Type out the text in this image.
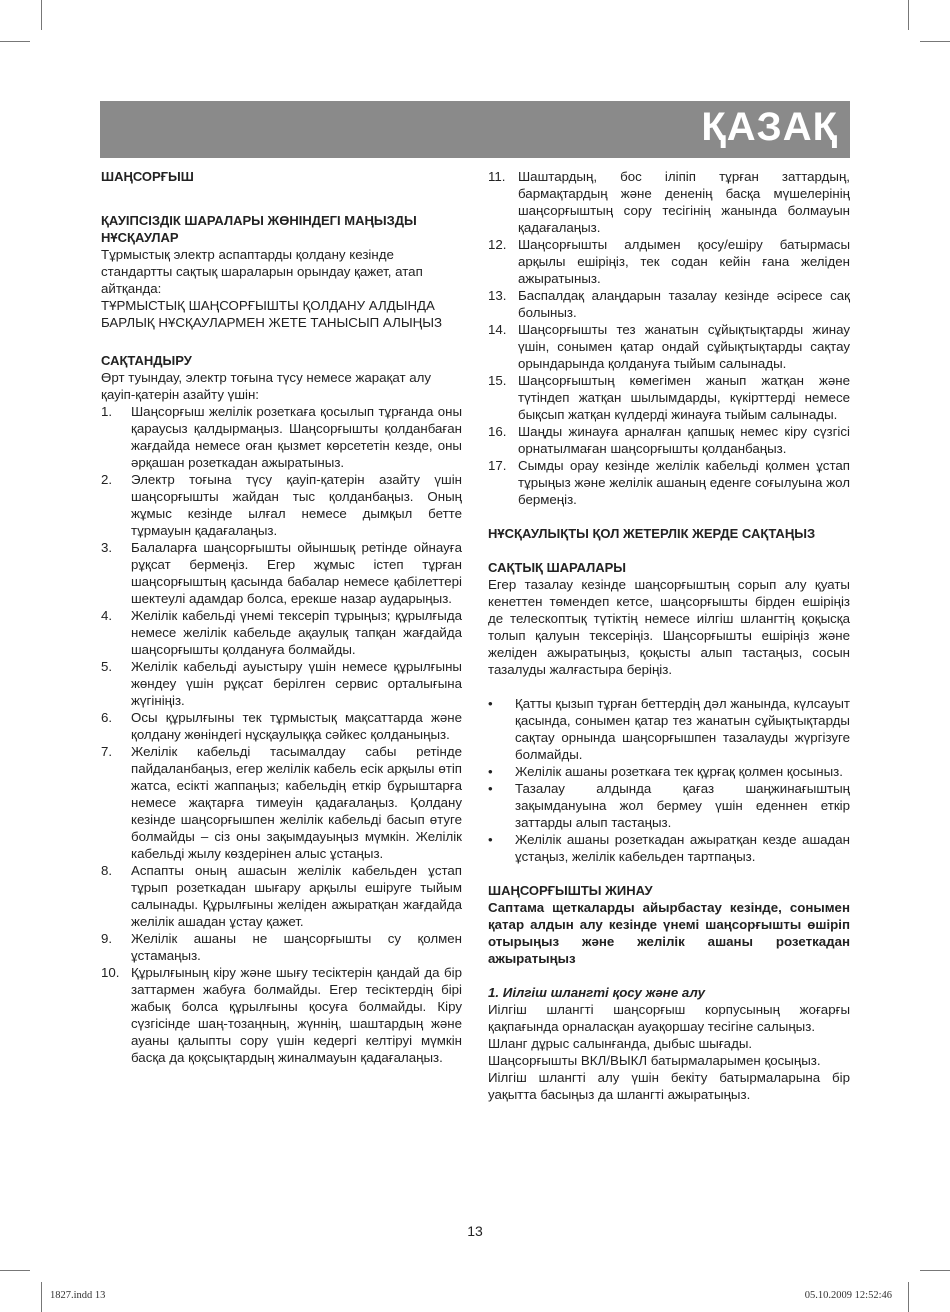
ҚАЗАҚ
ШАҢСОРҒЫШ
ҚАУІПСІЗДІК ШАРАЛАРЫ ЖӨНІНДЕГІ МАҢЫЗДЫ НҰСҚАУЛАР

Тұрмыстық электр аспаптарды қолдану кезінде стандартты сақтық шараларын орындау қажет, атап айтқанда:

ТҰРМЫСТЫҚ ШАҢСОРҒЫШТЫ ҚОЛДАНУ АЛДЫНДА БАРЛЫҚ НҰСҚАУЛАРМЕН ЖЕТЕ ТАНЫСЫП АЛЫҢЫЗ

САҚТАНДЫРУ

Өрт туындау, электр тоғына түсу немесе жарақат алу қауіп-қатерін азайту үшін:

1.	Шаңсорғыш желілік розеткаға қосылып тұрғанда оны қараусыз қалдырмаңыз. Шаңсорғышты қолданбаған жағдайда немесе оған қызмет көрсететін кезде, оны әрқашан розеткадан ажыратыныз.
2.	Электр тоғына түсу қауіп-қатерін азайту үшін шаңсорғышты жайдан тыс қолданбаңыз. Оның жұмыс кезінде ылғал немесе дымқыл бетте тұрмауын қадағалаңыз.
3.	Балаларға шаңсорғышты ойыншық ретінде ойнауға рұқсат бермеңіз. Егер жұмыс істеп тұрған шаңсорғыштың қасында бабалар немесе қабілеттері шектеулі адамдар болса, ерекше назар аударыңыз.
4.	Желілік кабельді үнемі тексеріп тұрыңыз; құрылғыда немесе желілік кабельде ақаулық тапқан жағдайда шаңсорғышты қолдануға болмайды.
5.	Желілік кабельді ауыстыру үшін немесе құрылғыны жөндеу үшін рұқсат берілген сервис орталығына жүгініңіз.
6.	Осы құрылғыны тек тұрмыстық мақсаттарда және қолдану жөніндегі нұсқаулыққа сәйкес қолданыңыз.
7.	Желілік кабельді тасымалдау сабы ретінде пайдаланбаңыз, егер желілік кабель есік арқылы өтіп жатса, есікті жаппаңыз; кабельдің еткір бұрыштарға немесе жақтарға тимеуін қадағалаңыз. Қолдану кезінде шаңсорғышпен желілік кабельді басып өтуге болмайды – сіз оны зақымдауыңыз мүмкін. Желілік кабельді жылу көздерінен алыс ұстаңыз.
8.	Аспапты оның ашасын желілік кабельден ұстап тұрып розеткадан шығару арқылы ешіруге тыйым салынады. Құрылғыны желіден ажыратқан жағдайда желілік ашадан ұстау қажет.
9.	Желілік ашаны не шаңсорғышты су қолмен ұстамаңыз.
10. Құрылғының кіру және шығу тесіктерін қандай да бір заттармен жабуға болмайды. Егер тесіктердің бірі жабық болса құрылғыны қосуға болмайды. Кіру сүзгісінде шаң-тозаңның, жүннің, шаштардың және ауаны қалыпты сору үшін кедергі келтіруі мүмкін басқа да қоқсықтардың жиналмауын қадағалаңыз.
11. Шаштардың, бос іліпіп тұрған заттардың, бармақтардың және дененің басқа мүшелерінің шаңсорғыштың сору тесігінің жанында болмауын қадағалаңыз.
12. Шаңсорғышты алдымен қосу/ешіру батырмасы арқылы ешіріңіз, тек содан кейін ғана желіден ажыратыныз.
13. Баспалдақ алаңдарын тазалау кезінде әсіресе сақ болыныз.
14. Шаңсорғышты тез жанатын сұйықтықтарды жинау үшін, сонымен қатар ондай сұйықтықтарды сақтау орындарында қолдануға тыйым салынады.
15. Шаңсорғыштың көмегімен жанып жатқан және түтіндеп жатқан шылымдарды, күкірттерді немесе бықсып жатқан күлдерді жинауға тыйым салынады.
16. Шаңды жинауға арналған қапшық немес кіру сүзгісі орнатылмаған шаңсорғышты қолданбаңыз.
17. Сымды орау кезінде желілік кабельді қолмен ұстап тұрыңыз және желілік ашаның еденге соғылуына жол бермеңіз.
НҰСҚАУЛЫҚТЫ ҚОЛ ЖЕТЕРЛІК ЖЕРДЕ САҚТАҢЫЗ
САҚТЫҚ ШАРАЛАРЫ

Егер тазалау кезінде шаңсорғыштың сорып алу қуаты кенеттен төмендеп кетсе, шаңсорғышты бірден ешіріңіз де телескоптық түтіктің немесе иілгіш шлангтің қоқысқа толып қалуын тексеріңіз. Шаңсорғышты ешіріңіз және желіден ажыратыңыз, қоқысты алып тастаңыз, сосын тазалуды жалғастыра беріңіз.

•	Қатты қызып тұрған беттердің дәл жанында, күлсауыт қасында, сонымен қатар тез жанатын сұйықтықтарды сақтау орнында шаңсорғышпен тазалауды жүргізуге болмайды.
•	Желілік ашаны розеткаға тек құрғақ қолмен қосыныз.
•	Тазалау алдында қағаз шаңжинағыштың зақымдануына жол бермеу үшін еденнен еткір заттарды алып тастаңыз.
•	Желілік ашаны розеткадан ажыратқан кезде ашадан ұстаңыз, желілік кабельден тартпаңыз.
ШАҢСОРҒЫШТЫ ЖИНАУ

Саптама щеткаларды айырбастау кезінде, сонымен қатар алдын алу кезінде үнемі шаңсорғышты өшіріп отырыңыз және желілік ашаны розеткадан ажыратыңыз

1. Иілгіш шлангті қосу және алу

Иілгіш шлангті шаңсорғыш корпусының жоғарғы қақпағында орналасқан ауақоршау тесігіне салыңыз.

Шланг дұрыс салынғанда, дыбыс шығады.

Шаңсорғышты ВКЛ/ВЫКЛ батырмаларымен қосыңыз.

Иілгіш шлангті алу үшін бекіту батырмаларына бір уақытта басыңыз да шлангті ажыратыңыз.

13
1827.indd 13	05.10.2009 12:52:46
